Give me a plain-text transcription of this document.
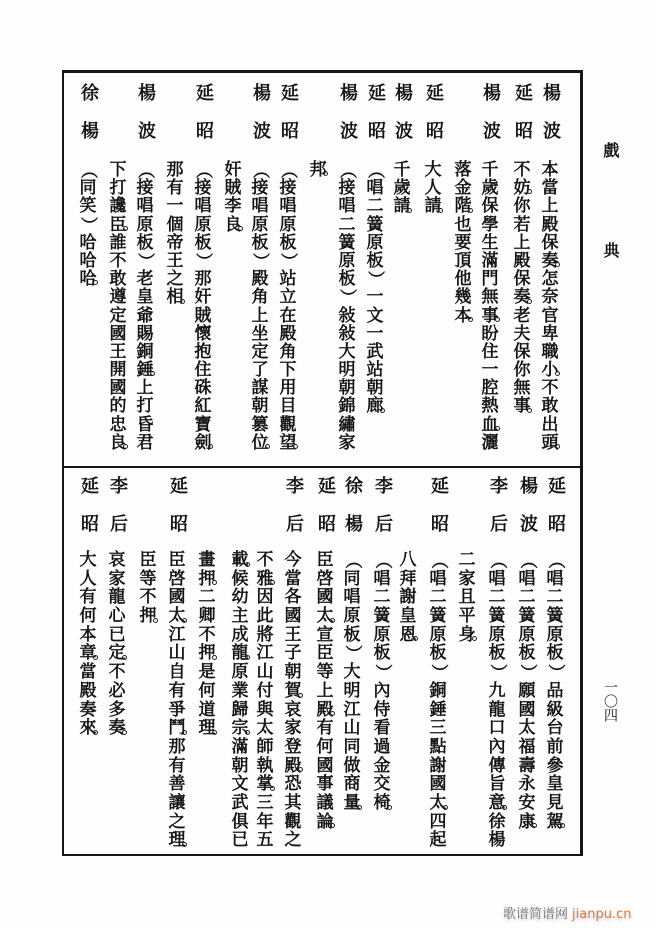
戲典
一〇四
楊波
本
當
上
殿
保
奏
怎
奈
官
卑
職
小
不
敢
出
頭
延昭
不
妨
你
若
上
殿
保
奏
老
夫
保
你
無
事
楊波
千
歲
保
學
生
滿
門
無
事
盼
住
一
腔
熱
血
灑
落
金
階
也
要
頂
他
幾
本
延昭
大
人
請
楊波
千
歲
請
延昭
（
唱
二
簧
原
板
）
一
文
一
武
站
朝
廊
楊波
（
接
唱
二
簧
原
板
）
敍
敍
大
明
朝
錦
繡
家
邦
延昭
（
接
唱
原
板
）
站
立
在
殿
角
下
用
目
觀
望
楊波
（
接
唱
原
板
）
殿
角
上
坐
定
了
謀
朝
篡
位
奸
賊
李
良
延昭
（
接
唱
原
板
）
那
奸
賊
懷
抱
住
硃
紅
寶
劍
那
有
一
個
帝
王
之
相
楊波
（
接
唱
原
板
）
老
皇
爺
賜
銅
錘
上
打
昏
君
下
打
讒
臣
誰
不
敢
遵
定
國
王
開
國
的
忠
良
徐楊
（
同
笑
）
哈
哈
哈
延昭
（
唱
二
簧
原
板
）
品
級
台
前
參
皇
見
駕
楊波
（
唱
二
簧
原
板
）
願
國
太
福
壽
永
安
康
李后
（
唱
二
簧
原
板
）
九
龍
口
內
傳
旨
意
徐
楊
二
家
且
平
身
延昭
（
唱
二
簧
原
板
）
銅
錘
三
點
謝
國
太
四
起
八
拜
謝
皇
恩
李后
（
唱
二
簧
原
板
）
內
侍
看
過
金
交
椅
徐楊
（
同
唱
原
板
）
大
明
江
山
同
做
商
量
延昭
臣
啓
國
太
宣
臣
等
上
殿
有
何
國
事
議
論
李后
今
當
各
國
王
子
朝
賀
哀
家
登
殿
恐
其
觀
之
不
雅
因
此
將
江
山
付
與
太
師
執
掌
三
年
五
載
候
幼
主
成
龍
原
業
歸
宗
滿
朝
文
武
俱
已
畫
押
二
卿
不
押
是
何
道
理
延昭
臣
啓
國
太
江
山
自
有
爭
鬥
那
有
善
讓
之
理
臣
等
不
押
李后
哀
家
龍
心
已
定
不
必
多
奏
延昭
大
人
有
何
本
章
當
殿
奏
來
歌谱简谱网 jianpu.cn
